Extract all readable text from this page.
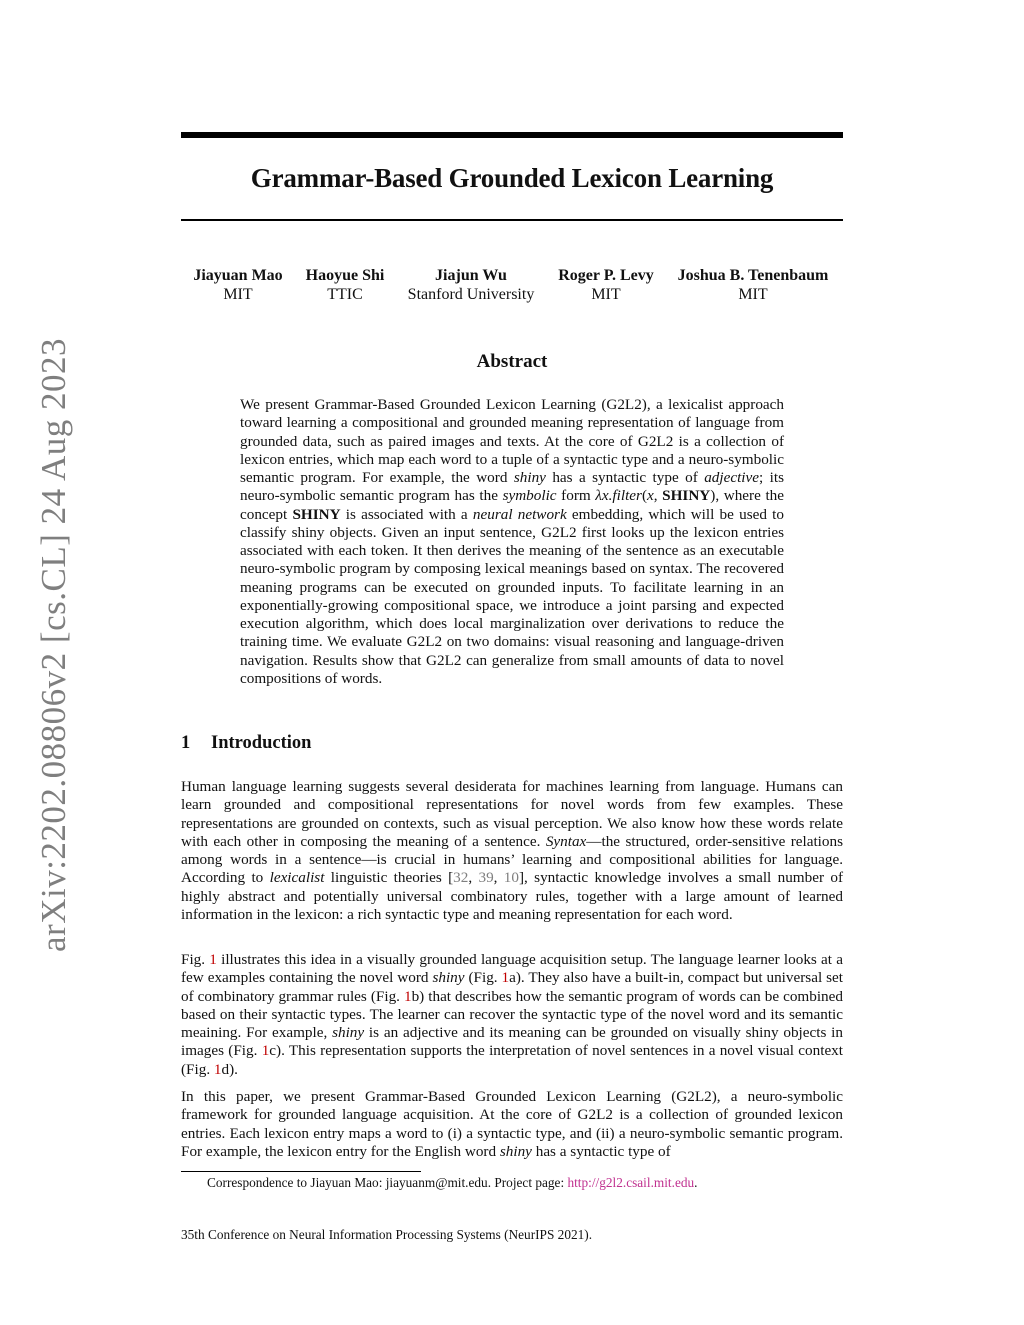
arXiv:2202.08806v2 [cs.CL] 24 Aug 2023
Grammar-Based Grounded Lexicon Learning
Jiayuan Mao
MIT
Haoyue Shi
TTIC
Jiajun Wu
Stanford University
Roger P. Levy
MIT
Joshua B. Tenenbaum
MIT
Abstract
We present Grammar-Based Grounded Lexicon Learning (G2L2), a lexicalist approach toward learning a compositional and grounded meaning representation of language from grounded data, such as paired images and texts. At the core of G2L2 is a collection of lexicon entries, which map each word to a tuple of a syntactic type and a neuro-symbolic semantic program. For example, the word shiny has a syntactic type of adjective; its neuro-symbolic semantic program has the symbolic form λx.filter(x, SHINY), where the concept SHINY is associated with a neural network embedding, which will be used to classify shiny objects. Given an input sentence, G2L2 first looks up the lexicon entries associated with each token. It then derives the meaning of the sentence as an executable neuro-symbolic program by composing lexical meanings based on syntax. The recovered meaning programs can be executed on grounded inputs. To facilitate learning in an exponentially-growing compositional space, we introduce a joint parsing and expected execution algorithm, which does local marginalization over derivations to reduce the training time. We evaluate G2L2 on two domains: visual reasoning and language-driven navigation. Results show that G2L2 can generalize from small amounts of data to novel compositions of words.
1 Introduction
Human language learning suggests several desiderata for machines learning from language. Humans can learn grounded and compositional representations for novel words from few examples. These representations are grounded on contexts, such as visual perception. We also know how these words relate with each other in composing the meaning of a sentence. Syntax—the structured, order-sensitive relations among words in a sentence—is crucial in humans’ learning and compositional abilities for language. According to lexicalist linguistic theories [32, 39, 10], syntactic knowledge involves a small number of highly abstract and potentially universal combinatory rules, together with a large amount of learned information in the lexicon: a rich syntactic type and meaning representation for each word.
Fig. 1 illustrates this idea in a visually grounded language acquisition setup. The language learner looks at a few examples containing the novel word shiny (Fig. 1a). They also have a built-in, compact but universal set of combinatory grammar rules (Fig. 1b) that describes how the semantic program of words can be combined based on their syntactic types. The learner can recover the syntactic type of the novel word and its semantic meaining. For example, shiny is an adjective and its meaning can be grounded on visually shiny objects in images (Fig. 1c). This representation supports the interpretation of novel sentences in a novel visual context (Fig. 1d).
In this paper, we present Grammar-Based Grounded Lexicon Learning (G2L2), a neuro-symbolic framework for grounded language acquisition. At the core of G2L2 is a collection of grounded lexicon entries. Each lexicon entry maps a word to (i) a syntactic type, and (ii) a neuro-symbolic semantic program. For example, the lexicon entry for the English word shiny has a syntactic type of
Correspondence to Jiayuan Mao: jiayuanm@mit.edu. Project page: http://g2l2.csail.mit.edu.
35th Conference on Neural Information Processing Systems (NeurIPS 2021).
